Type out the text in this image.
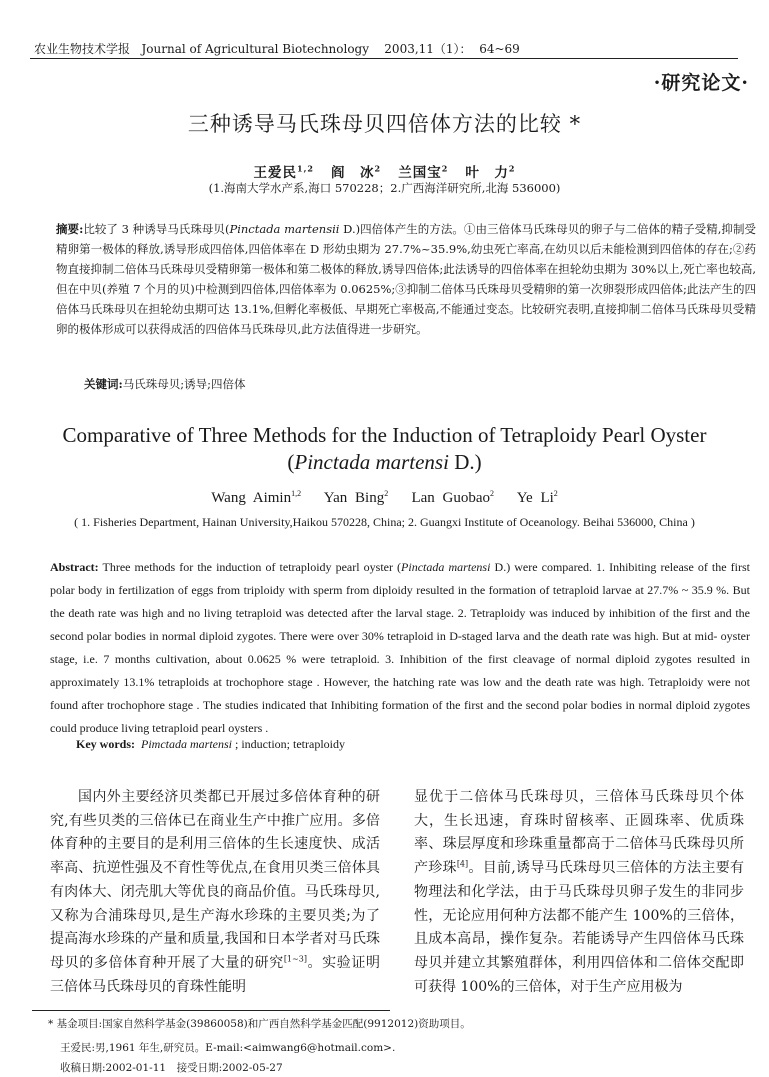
农业生物技术学报 Journal of Agricultural Biotechnology 2003,11（1）： 64~69
·研究论文·
三种诱导马氏珠母贝四倍体方法的比较 *
王爱民$^{1,2}$ 阎　冰$^2$ 兰国宝$^2$ 叶　力$^2$
(1.海南大学水产系,海口 570228；2.广西海洋研究所,北海 536000)
摘要:比较了 3 种诱导马氏珠母贝(Pinctada martensii D.)四倍体产生的方法。①由三倍体马氏珠母贝的卵子与二倍体的精子受精,抑制受精卵第一极体的释放,诱导形成四倍体,四倍体率在 D 形幼虫期为 27.7%~35.9%,幼虫死亡率高,在幼贝以后未能检测到四倍体的存在;②药物直接抑制二倍体马氏珠母贝受精卵第一极体和第二极体的释放,诱导四倍体;此法诱导的四倍体率在担轮幼虫期为 30%以上,死亡率也较高,但在中贝(养殖 7 个月的贝)中检测到四倍体,四倍体率为 0.0625%;③抑制二倍体马氏珠母贝受精卵的第一次卵裂形成四倍体;此法产生的四倍体马氏珠母贝在担轮幼虫期可达 13.1%,但孵化率极低、早期死亡率极高,不能通过变态。比较研究表明,直接抑制二倍体马氏珠母贝受精卵的极体形成可以获得成活的四倍体马氏珠母贝,此方法值得进一步研究。
关键词:马氏珠母贝;诱导;四倍体
Comparative of Three Methods for the Induction of Tetraploidy Pearl Oyster
(Pinctada martensi D.)
Wang Aimin$^{1,2}$ Yan Bing$^2$ Lan Guobao$^2$ Ye Li$^2$
( 1. Fisheries Department, Hainan University,Haikou 570228, China; 2. Guangxi Institute of Oceanology. Beihai 536000, China )
Abstract: Three methods for the induction of tetraploidy pearl oyster (Pinctada martensi D.) were compared. 1. Inhibiting release of the first polar body in fertilization of eggs from triploidy with sperm from diploidy resulted in the formation of tetraploid larvae at 27.7% ~ 35.9 %. But the death rate was high and no living tetraploid was detected after the larval stage. 2. Tetraploidy was induced by inhibition of the first and the second polar bodies in normal diploid zygotes. There were over 30% tetraploid in D-staged larva and the death rate was high. But at mid- oyster stage, i.e. 7 months cultivation, about 0.0625 % were tetraploid. 3. Inhibition of the first cleavage of normal diploid zygotes resulted in approximately 13.1% tetraploids at trochophore stage . However, the hatching rate was low and the death rate was high. Tetraploidy were not found after trochophore stage . The studies indicated that Inhibiting formation of the first and the second polar bodies in normal diploid zygotes could produce living tetraploid pearl oysters .
Key words: Pimctada martensi ; induction; tetraploidy
国内外主要经济贝类都已开展过多倍体育种的研究,有些贝类的三倍体已在商业生产中推广应用。多倍体育种的主要目的是利用三倍体的生长速度快、成活率高、抗逆性强及不育性等优点,在食用贝类三倍体具有肉体大、闭壳肌大等优良的商品价值。马氏珠母贝,又称为合浦珠母贝,是生产海水珍珠的主要贝类;为了提高海水珍珠的产量和质量,我国和日本学者对马氏珠母贝的多倍体育种开展了大量的研究[1~3]。实验证明三倍体马氏珠母贝的育珠性能明
显优于二倍体马氏珠母贝，三倍体马氏珠母贝个体大，生长迅速，育珠时留核率、正圆珠率、优质珠率、珠层厚度和珍珠重量都高于二倍体马氏珠母贝所产珍珠[4]。目前,诱导马氏珠母贝三倍体的方法主要有物理法和化学法，由于马氏珠母贝卵子发生的非同步性，无论应用何种方法都不能产生 100%的三倍体，且成本高昂，操作复杂。若能诱导产生四倍体马氏珠母贝并建立其繁殖群体，利用四倍体和二倍体交配即可获得 100%的三倍体，对于生产应用极为
* 基金项目:国家自然科学基金(39860058)和广西自然科学基金匹配(9912012)资助项目。
王爱民:男,1961 年生,研究员。E-mail:<aimwang6@hotmail.com>.
收稿日期:2002-01-11　接受日期:2002-05-27
